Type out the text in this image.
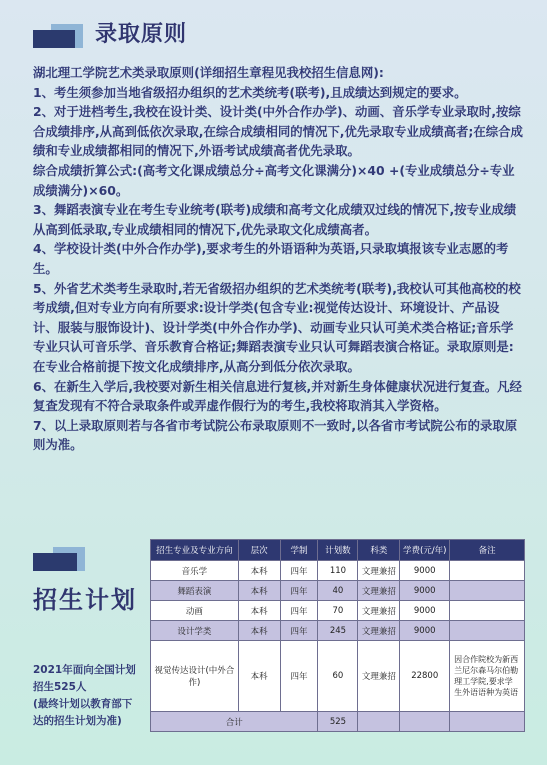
录取原则

湖北理工学院艺术类录取原则(详细招生章程见我校招生信息网):

1、考生须参加当地省级招办组织的艺术类统考(联考),且成绩达到规定的要求。

2、对于进档考生,我校在设计类、设计类(中外合作办学)、动画、音乐学专业录取时,按综合成绩排序,从高到低依次录取,在综合成绩相同的情况下,优先录取专业成绩高者;在综合成绩和专业成绩都相同的情况下,外语考试成绩高者优先录取。

综合成绩折算公式:(高考文化课成绩总分÷高考文化课满分)×40 +(专业成绩总分÷专业成绩满分)×60。

3、舞蹈表演专业在考生专业统考(联考)成绩和高考文化成绩双过线的情况下,按专业成绩从高到低录取,专业成绩相同的情况下,优先录取文化成绩高者。

4、学校设计类(中外合作办学),要求考生的外语语种为英语,只录取填报该专业志愿的考生。

5、外省艺术类考生录取时,若无省级招办组织的艺术类统考(联考),我校认可其他高校的校考成绩,但对专业方向有所要求:设计学类(包含专业:视觉传达设计、环境设计、产品设计、服装与服饰设计)、设计学类(中外合作办学)、动画专业只认可美术类合格证;音乐学专业只认可音乐学、音乐教育合格证;舞蹈表演专业只认可舞蹈表演合格证。录取原则是:在专业合格前提下按文化成绩排序,从高分到低分依次录取。

6、在新生入学后,我校要对新生相关信息进行复核,并对新生身体健康状况进行复查。凡经复查发现有不符合录取条件或弄虚作假行为的考生,我校将取消其入学资格。

7、以上录取原则若与各省市考试院公布录取原则不一致时,以各省市考试院公布的录取原则为准。

招生计划

2021年面向全国计划

招生525人

(最终计划以教育部下

达的招生计划为准)

招生专业及专业方向	层次	学制	计划数	科类	学费(元/年)	备注
音乐学	本科	四年	110	文理兼招	9000	
舞蹈表演	本科	四年	40	文理兼招	9000	
动画	本科	四年	70	文理兼招	9000	
设计学类	本科	四年	245	文理兼招	9000	
视觉传达设计(中外合作)	本科	四年	60	文理兼招	22800	因合作院校为新西兰尼尔森马尔伯勒理工学院,要求学生外语语种为英语
合计			525			
